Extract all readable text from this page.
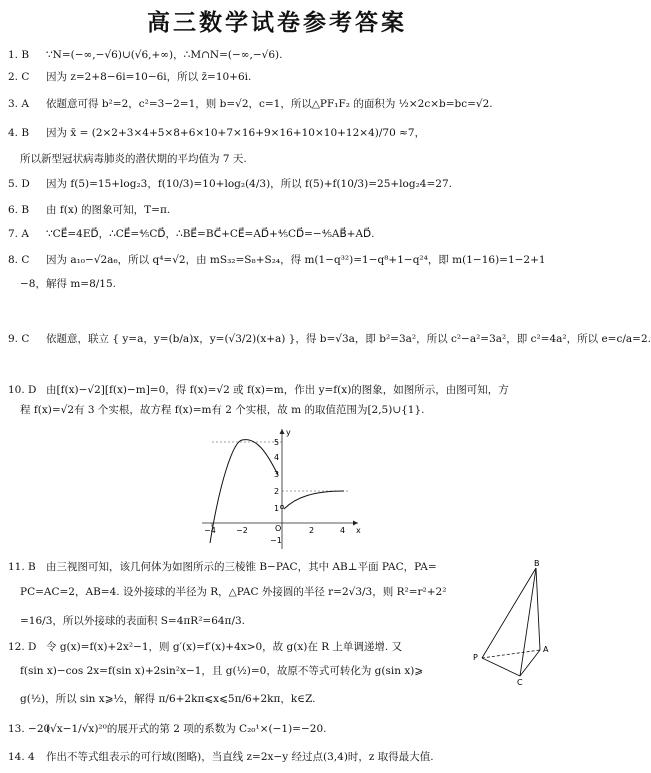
高三数学试卷参考答案
1. B ∵N=(−∞,−√6)∪(√6,+∞)，∴M∩N=(−∞,−√6).
2. C 因为 z=2+8−6i=10−6i，所以 z̄=10+6i.
3. A 依题意可得 b²=2，c²=3−2=1，则 b=√2，c=1，所以△PF₁F₂ 的面积为 ½×2c×b=bc=√2.
4. B 因为 x̄ = (2×2+3×4+5×8+6×10+7×16+9×16+10×10+12×4)/70 ≈7，
所以新型冠状病毒肺炎的潜伏期的平均值为 7 天.
5. D 因为 f(5)=15+log₂3，f(10/3)=10+log₂(4/3)，所以 f(5)+f(10/3)=25+log₂4=27.
6. B 由 f(x) 的图象可知，T=π.
7. A ∵CE⃗=4ED⃗，∴CE⃗=⅘CD⃗，∴BE⃗=BC⃗+CE⃗=AD⃗+⅘CD⃗=−⅘AB⃗+AD⃗.
8. C 因为 a₁₀−√2a₆，所以 q⁴=√2，由 mS₃₂=S₈+S₂₄，得 m(1−q³²)=1−q⁸+1−q²⁴，即 m(1−16)=1−2+1
−8，解得 m=8/15.
9. C 依题意，联立 { y=a，y=(b/a)x，y=(√3/2)(x+a) }，得 b=√3a，即 b²=3a²，所以 c²−a²=3a²，即 c²=4a²，所以 e=c/a=2.
10. D 由[f(x)−√2][f(x)−m]=0，得 f(x)=√2 或 f(x)=m，作出 y=f(x)的图象，如图所示，由图可知，方
程 f(x)=√2有 3 个实根，故方程 f(x)=m有 2 个实根，故 m 的取值范围为[2,5)∪{1}.
11. B 由三视图可知，该几何体为如图所示的三棱锥 B−PAC，其中 AB⊥平面 PAC，PA=
PC=AC=2，AB=4. 设外接球的半径为 R，△PAC 外接圆的半径 r=2√3/3，则 R²=r²+2²
=16/3，所以外接球的表面积 S=4πR²=64π/3.
12. D 令 g(x)=f(x)+2x²−1，则 g′(x)=f′(x)+4x>0，故 g(x)在 R 上单调递增. 又
f(sin x)−cos 2x=f(sin x)+2sin²x−1，且 g(½)=0，故原不等式可转化为 g(sin x)⩾
g(½)，所以 sin x⩾½，解得 π/6+2kπ⩽x⩽5π/6+2kπ，k∈Z.
13. −20(√x−1/√x)²⁰的展开式的第 2 项的系数为 C₂₀¹×(−1)=−20.
14. 4 作出不等式组表示的可行域(图略)，当直线 z=2x−y 经过点(3,4)时，z 取得最大值.
y
x
O
5
4
3
2
1
−1
−4	−2	2	4
B
P
A
C
